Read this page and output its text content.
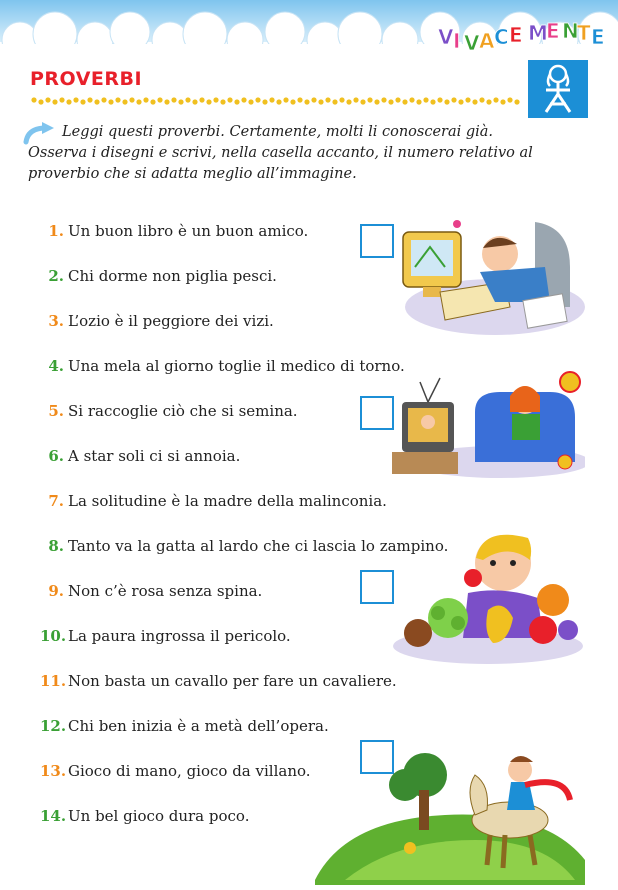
V I V A C E M
E N
T E
PROVERBI
Leggi questi proverbi. Certamente, molti li conoscerai già.
Osserva i disegni e scrivi, nella casella accanto, il numero relativo al
proverbio che si adatta meglio all’immagine.
1. Un buon libro è un buon amico.
2. Chi dorme non piglia pesci.
3. L’ozio è il peggiore dei vizi.
4. Una mela al giorno toglie il medico di torno.
5. Si raccoglie ciò che si semina.
6. A star soli ci si annoia.
7. La solitudine è la madre della malinconia.
8. Tanto va la gatta al lardo che ci lascia lo zampino.
9. Non c’è rosa senza spina.
10. La paura ingrossa il pericolo.
11. Non basta un cavallo per fare un cavaliere.
12. Chi ben inizia è a metà dell’opera.
13. Gioco di mano, gioco da villano.
14. Un bel gioco dura poco.
